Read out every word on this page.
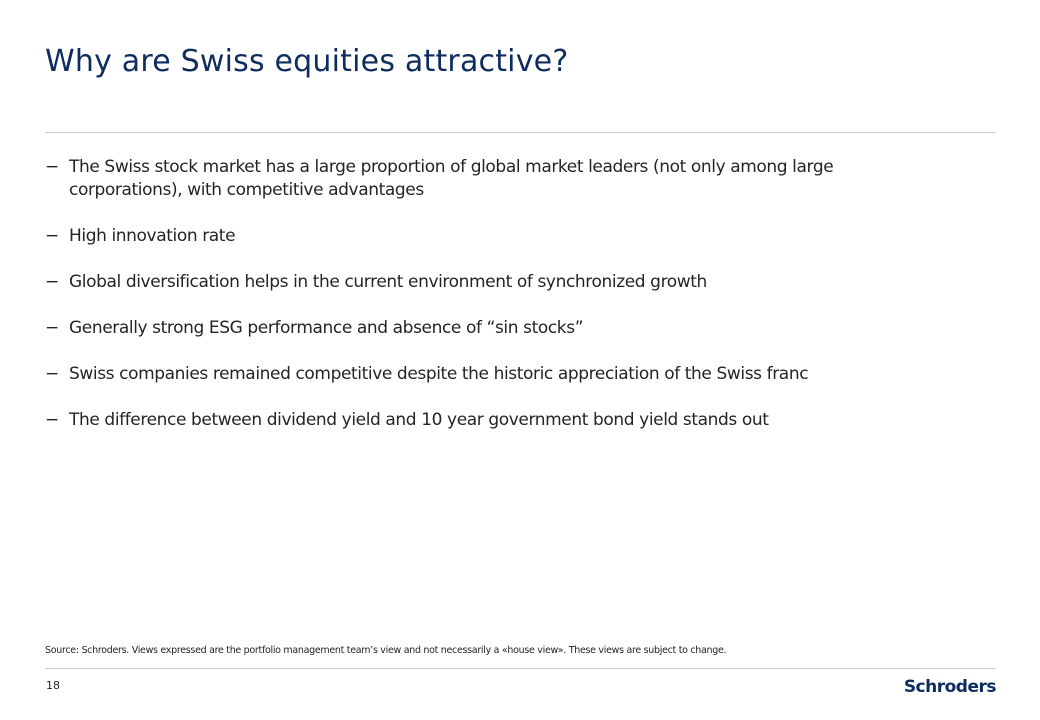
Why are Swiss equities attractive?
− The Swiss stock market has a large proportion of global market leaders (not only among large corporations), with competitive advantages
− High innovation rate
− Global diversification helps in the current environment of synchronized growth
− Generally strong ESG performance and absence of “sin stocks”
− Swiss companies remained competitive despite the historic appreciation of the Swiss franc
− The difference between dividend yield and 10 year government bond yield stands out

Source: Schroders. Views expressed are the portfolio management team’s view and not necessarily a «house view». These views are subject to change.

18	Schroders
